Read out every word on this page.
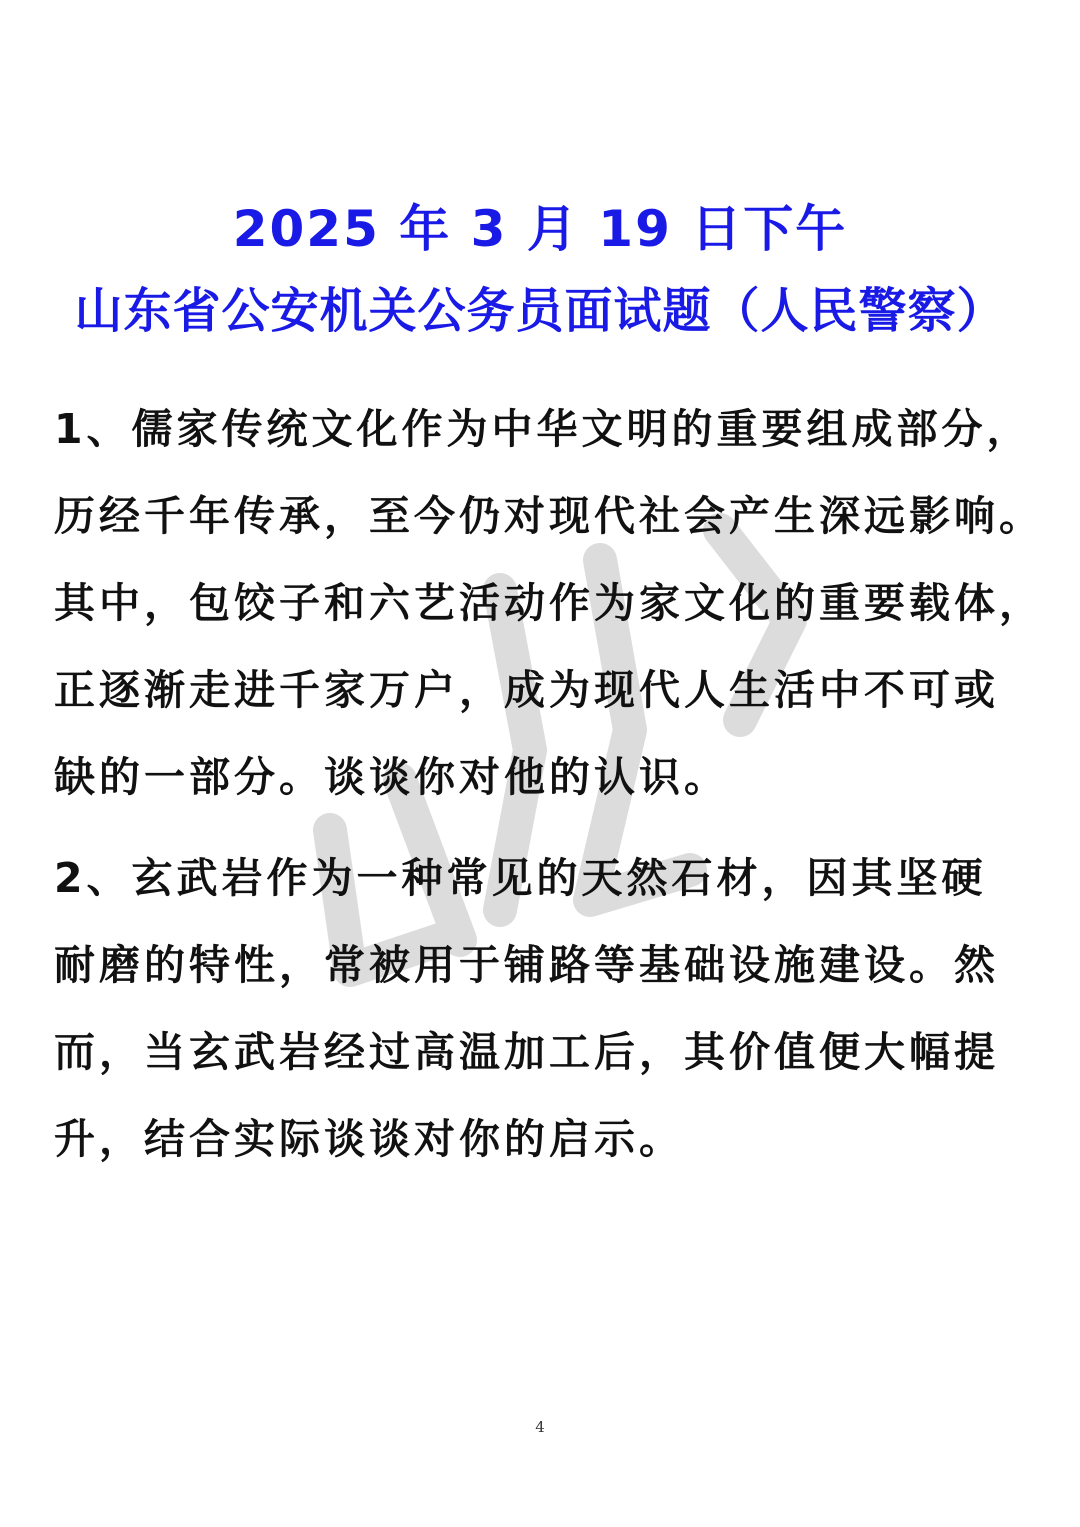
2025 年 3 月 19 日下午
山东省公安机关公务员面试题（人民警察）
1、儒家传统文化作为中华文明的重要组成部分，
历经千年传承，至今仍对现代社会产生深远影响。
其中，包饺子和六艺活动作为家文化的重要载体，
正逐渐走进千家万户，成为现代人生活中不可或
缺的一部分。谈谈你对他的认识。
2、玄武岩作为一种常见的天然石材，因其坚硬
耐磨的特性，常被用于铺路等基础设施建设。然
而，当玄武岩经过高温加工后，其价值便大幅提
升，结合实际谈谈对你的启示。
4
